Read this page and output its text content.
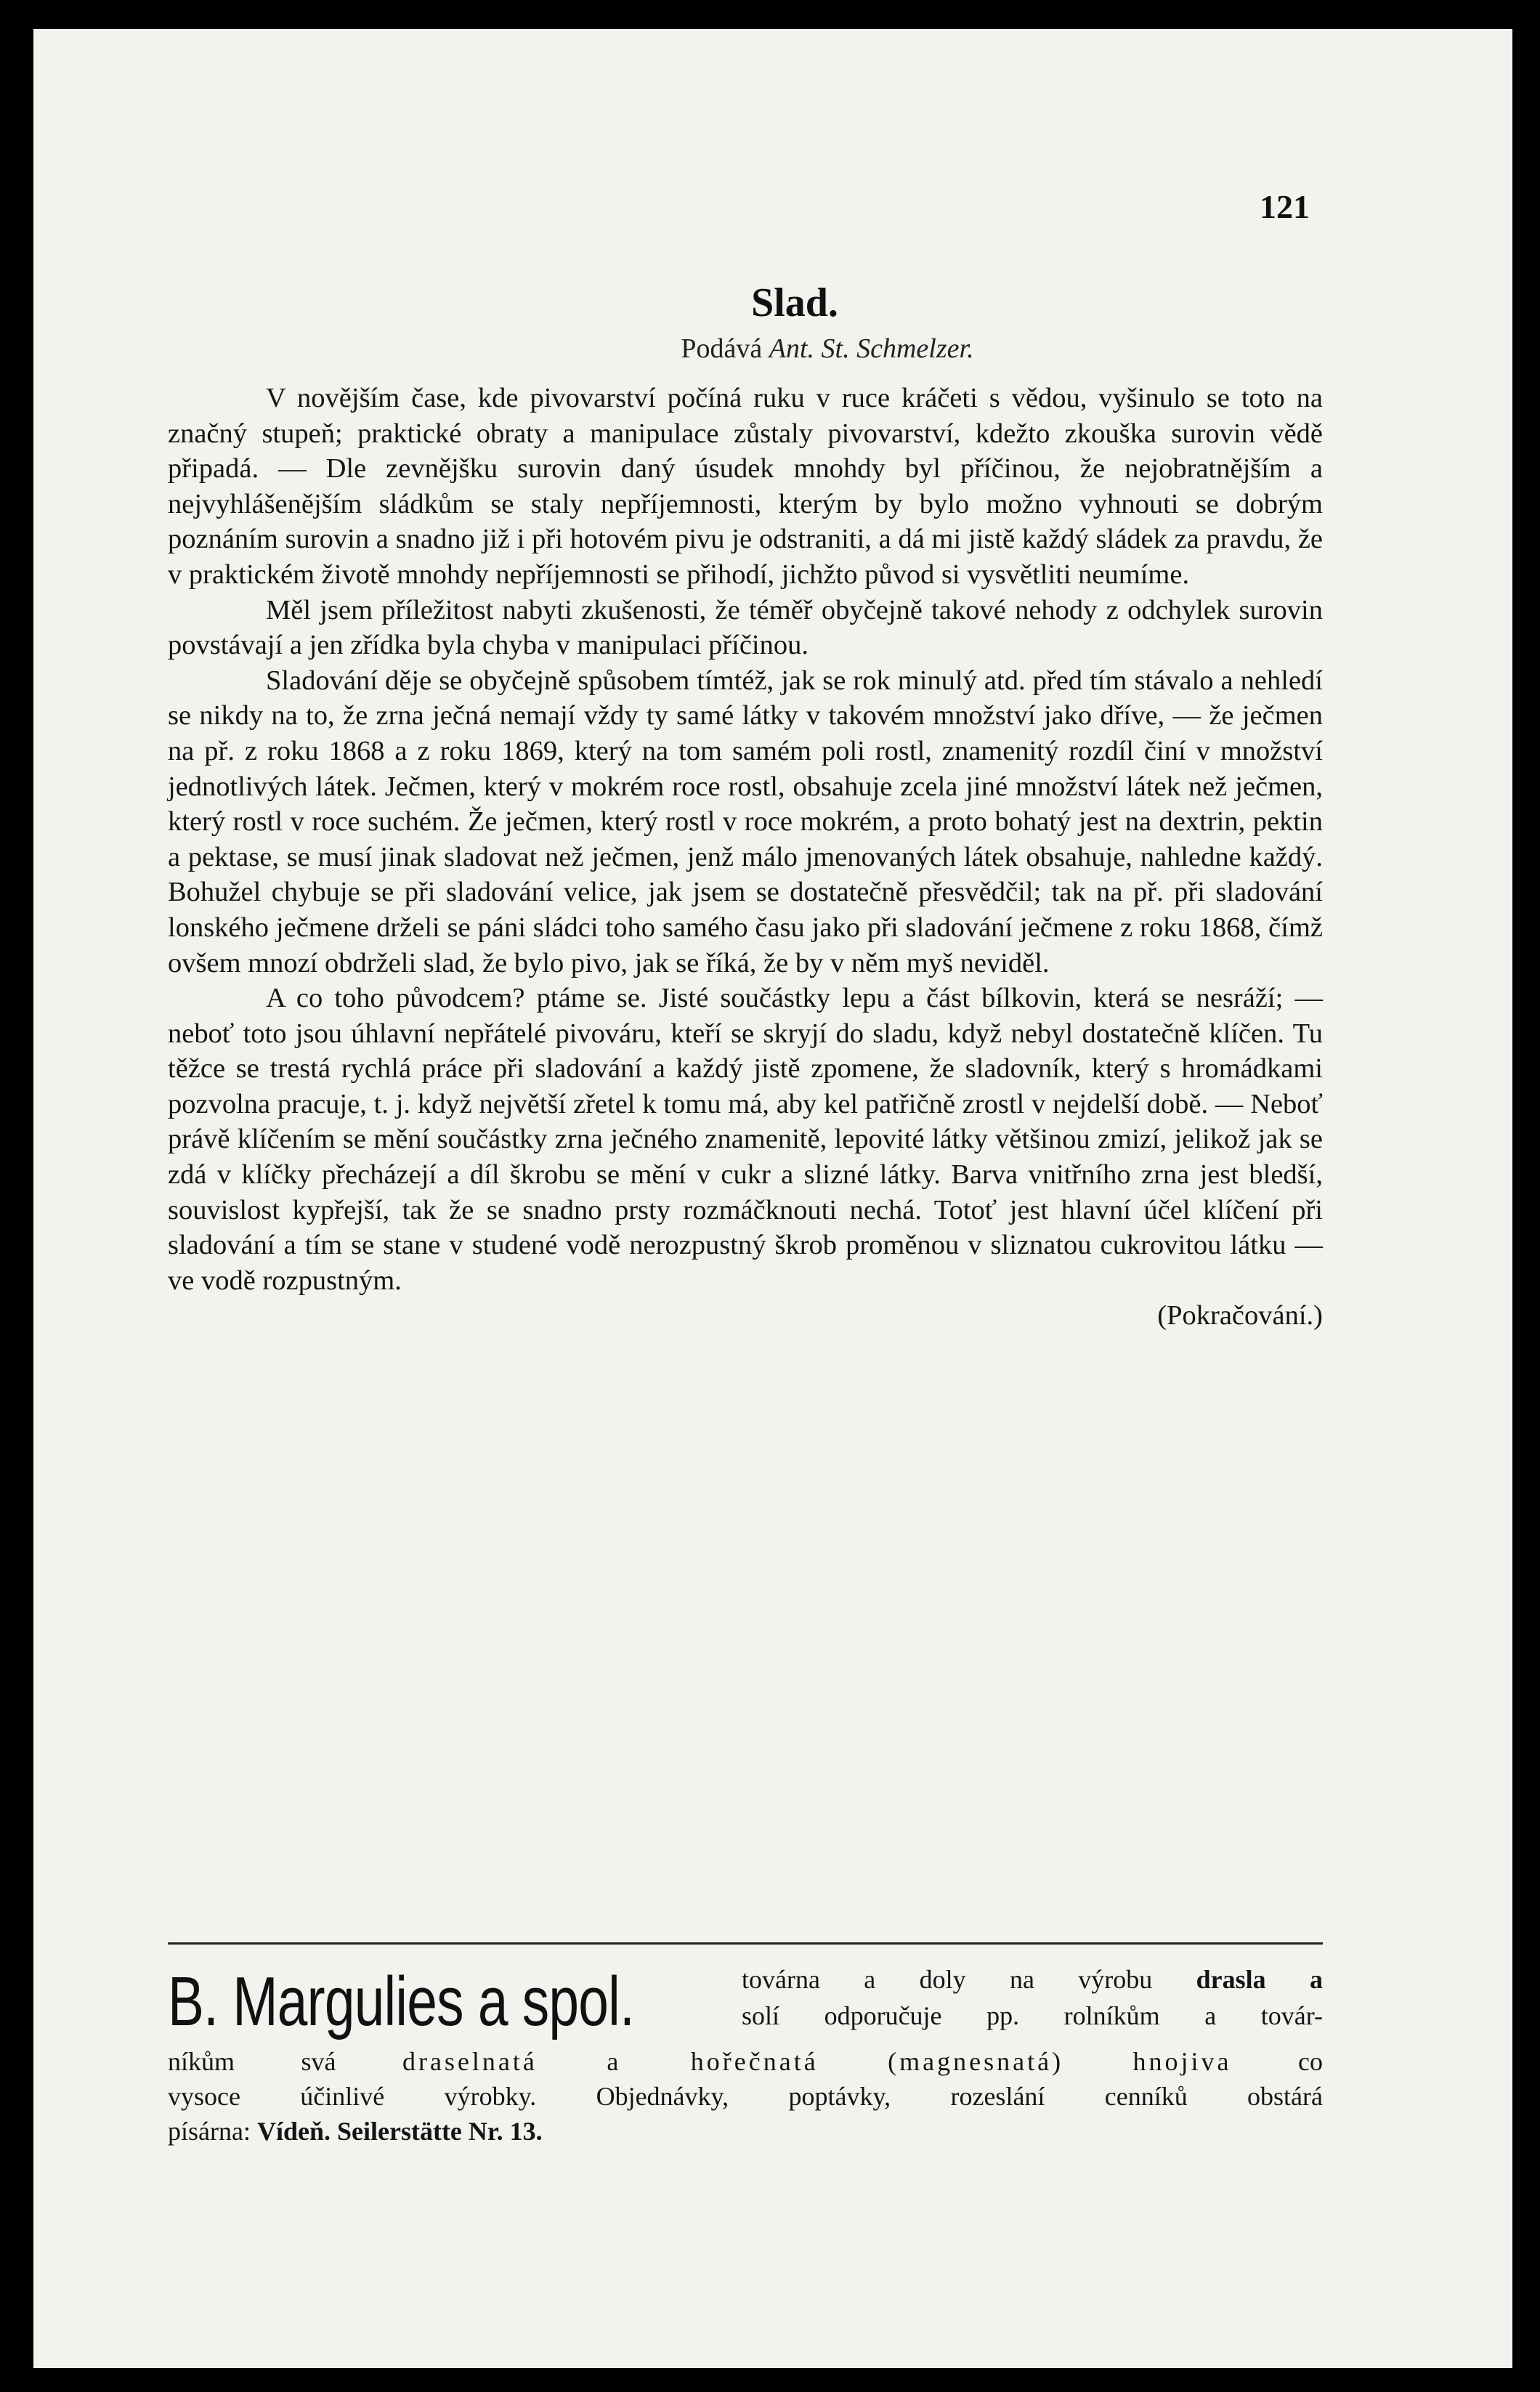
121
Slad.
Podává Ant. St. Schmelzer.

V novějším čase, kde pivovarství počíná ruku v ruce kráčeti s vědou, vyšinulo se toto na značný stupeň; praktické obraty a manipulace zůstaly pivovarství, kdežto zkouška surovin vědě připadá. — Dle zevnějšku surovin daný úsudek mnohdy byl příčinou, že nejobratnějším a nejvyhlášenějším sládkům se staly nepříjemnosti, kterým by bylo možno vyhnouti se dobrým poznáním surovin a snadno již i při hotovém pivu je odstraniti, a dá mi jistě každý sládek za pravdu, že v praktickém životě mnohdy nepříjemnosti se přihodí, jichžto původ si vysvětliti neumíme.

Měl jsem příležitost nabyti zkušenosti, že téměř obyčejně takové nehody z odchylek surovin povstávají a jen zřídka byla chyba v manipulaci příčinou.

Sladování děje se obyčejně spůsobem tímtéž, jak se rok minulý atd. před tím stávalo a nehledí se nikdy na to, že zrna ječná nemají vždy ty samé látky v takovém množství jako dříve, — že ječmen na př. z roku 1868 a z roku 1869, který na tom samém poli rostl, znamenitý rozdíl činí v množství jednotlivých látek. Ječmen, který v mokrém roce rostl, obsahuje zcela jiné množství látek než ječmen, který rostl v roce suchém. Že ječmen, který rostl v roce mokrém, a proto bohatý jest na dextrin, pektin a pektase, se musí jinak sladovat než ječmen, jenž málo jmenovaných látek obsahuje, nahledne každý. Bohužel chybuje se při sladování velice, jak jsem se dostatečně přesvědčil; tak na př. při sladování lonského ječmene drželi se páni sládci toho samého času jako při sladování ječmene z roku 1868, čímž ovšem mnozí obdrželi slad, že bylo pivo, jak se říká, že by v něm myš neviděl.

A co toho původcem? ptáme se. Jisté součástky lepu a část bílkovin, která se nesráží; — neboť toto jsou úhlavní nepřátelé pivováru, kteří se skryjí do sladu, když nebyl dostatečně klíčen. Tu těžce se trestá rychlá práce při sladování a každý jistě zpomene, že sladovník, který s hromádkami pozvolna pracuje, t. j. když největší zřetel k tomu má, aby kel patřičně zrostl v nejdelší době. — Neboť právě klíčením se mění součástky zrna ječného znamenitě, lepovité látky většinou zmizí, jelikož jak se zdá v klíčky přecházejí a díl škrobu se mění v cukr a slizné látky. Barva vnitřního zrna jest bledší, souvislost kypřejší, tak že se snadno prsty rozmáčknouti nechá. Totoť jest hlavní účel klíčení při sladování a tím se stane v studené vodě nerozpustný škrob proměnou v sliznatou cukrovitou látku — ve vodě rozpustným.

(Pokračování.)
B. Margulies a spol.	továrna a doly na výrobu drasla a
solí odporučuje pp. rolníkům a továr-
níkům svá	draselnatá a hořečnatá (magnesnatá) hnojiva	co
vysoce účinlivé výrobky. Objednávky, poptávky, rozeslání cenníků obstárá
písárna: Vídeň. Seilerstätte Nr. 13.
